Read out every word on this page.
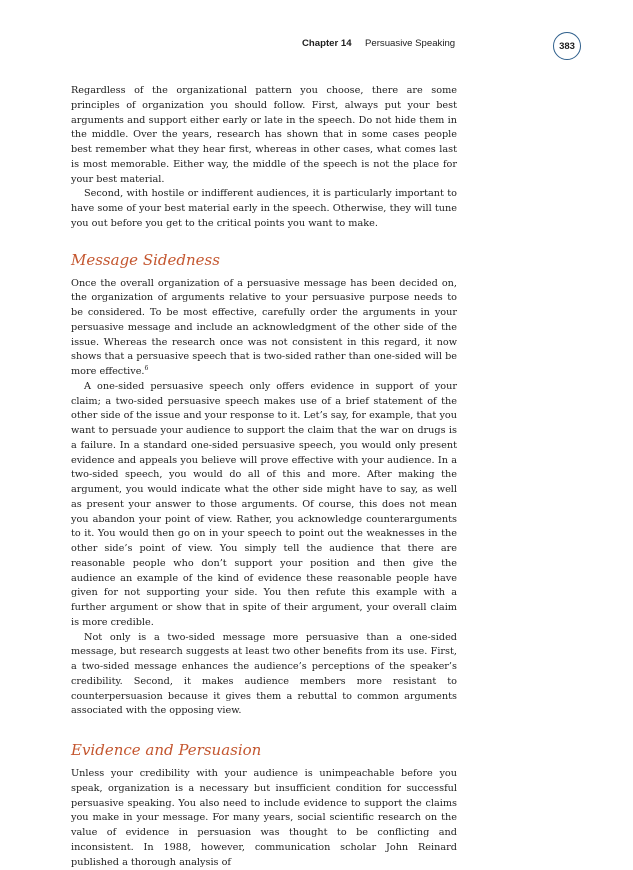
Chapter 14 Persuasive Speaking	383

Regardless of the organizational pattern you choose, there are some principles of organization you should follow. First, always put your best arguments and support either early or late in the speech. Do not hide them in the middle. Over the years, research has shown that in some cases people best remember what they hear first, whereas in other cases, what comes last is most memorable. Either way, the middle of the speech is not the place for your best material.

Second, with hostile or indifferent audiences, it is particularly important to have some of your best material early in the speech. Otherwise, they will tune you out before you get to the critical points you want to make.

Message Sidedness

Once the overall organization of a persuasive message has been decided on, the organization of arguments relative to your persuasive purpose needs to be considered. To be most effective, carefully order the arguments in your persuasive message and include an acknowledgment of the other side of the issue. Whereas the research once was not consistent in this regard, it now shows that a persuasive speech that is two-sided rather than one-sided will be more effective.$^6$

A one-sided persuasive speech only offers evidence in support of your claim; a two-sided persuasive speech makes use of a brief statement of the other side of the issue and your response to it. Let’s say, for example, that you want to persuade your audience to support the claim that the war on drugs is a failure. In a standard one-sided persuasive speech, you would only present evidence and appeals you believe will prove effective with your audience. In a two-sided speech, you would do all of this and more. After making the argument, you would indicate what the other side might have to say, as well as present your answer to those arguments. Of course, this does not mean you abandon your point of view. Rather, you acknowledge counterarguments to it. You would then go on in your speech to point out the weaknesses in the other side’s point of view. You simply tell the audience that there are reasonable people who don’t support your position and then give the audience an example of the kind of evidence these reasonable people have given for not supporting your side. You then refute this example with a further argument or show that in spite of their argument, your overall claim is more credible.

Not only is a two-sided message more persuasive than a one-sided message, but research suggests at least two other benefits from its use. First, a two-sided message enhances the audience’s perceptions of the speaker’s credibility. Second, it makes audience members more resistant to counterpersuasion because it gives them a rebuttal to common arguments associated with the opposing view.

Evidence and Persuasion

Unless your credibility with your audience is unimpeachable before you speak, organization is a necessary but insufficient condition for successful persuasive speaking. You also need to include evidence to support the claims you make in your message. For many years, social scientific research on the value of evidence in persuasion was thought to be conflicting and inconsistent. In 1988, however, communication scholar John Reinard published a thorough analysis of
